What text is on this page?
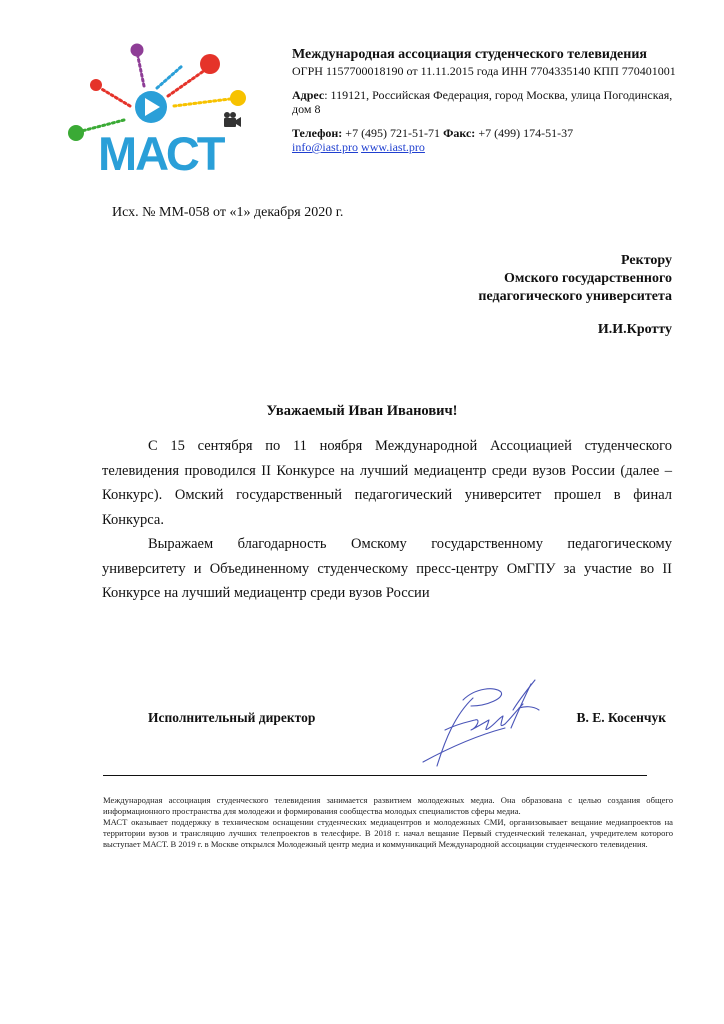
МАСТ
Международная ассоциация студенческого телевидения
ОГРН 1157700018190 от 11.11.2015 года ИНН 7704335140 КПП 770401001
Адрес: 119121, Российская Федерация, город Москва, улица Погодинская, дом 8
Телефон: +7 (495) 721-51-71 Факс: +7 (499) 174-51-37
info@iast.pro www.iast.pro
Исх. № ММ-058 от «1» декабря 2020 г.
Ректору
Омского государственного
педагогического университета
И.И.Кротту
Уважаемый Иван Иванович!

С 15 сентября по 11 ноября Международной Ассоциацией студенческого телевидения проводился II Конкурсе на лучший медиацентр среди вузов России (далее – Конкурс). Омский государственный педагогический университет прошел в финал Конкурса.

Выражаем благодарность Омскому государственному педагогическому университету и Объединенному студенческому пресс-центру ОмГПУ за участие во II Конкурсе на лучший медиацентр среди вузов России

Исполнительный директор	В. Е. Косенчук

Международная ассоциация студенческого телевидения занимается развитием молодежных медиа. Она образована с целью создания общего информационного пространства для молодежи и формирования сообщества молодых специалистов сферы медиа.

МАСТ оказывает поддержку в техническом оснащении студенческих медиацентров и молодежных СМИ, организовывает вещание медиапроектов на территории вузов и трансляцию лучших телепроектов в телесфире. В 2018 г. начал вещание Первый студенческий телеканал, учредителем которого выступает МАСТ. В 2019 г. в Москве открылся Молодежный центр медиа и коммуникаций Международной ассоциации студенческого телевидения.
